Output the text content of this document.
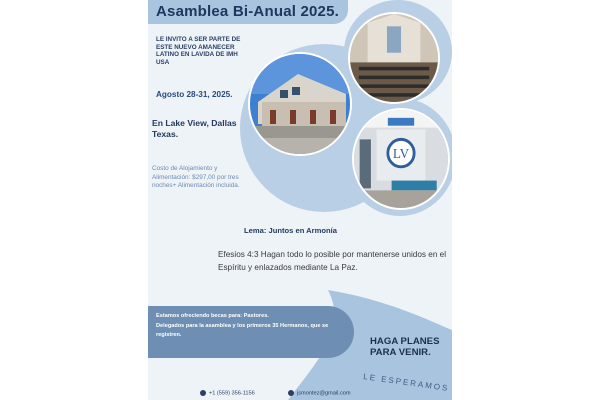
Asamblea Bi-Anual 2025.
LE INVITO A SER PARTE DE ESTE NUEVO AMANECER LATINO EN LAVIDA DE IMH USA
Agosto 28-31, 2025.
En Lake View, Dallas Texas.
Costo de Alojamiento y Alimentación: $297,00 por tres noches+ Alimentación incluida.
LV
Lema: Juntos en Armonía
Efesios 4:3 Hagan todo lo posible por mantenerse unidos en el Espíritu y enlazados mediante La Paz.
Estamos ofreciendo becas para: Pastores.
Delegados para la asamblea y los primeros 35 Hermanos, que se registren.
HAGA PLANES PARA VENIR.
LE ESPERAMOS
+1 (559) 356-1156	jsmontez@gmail.com
